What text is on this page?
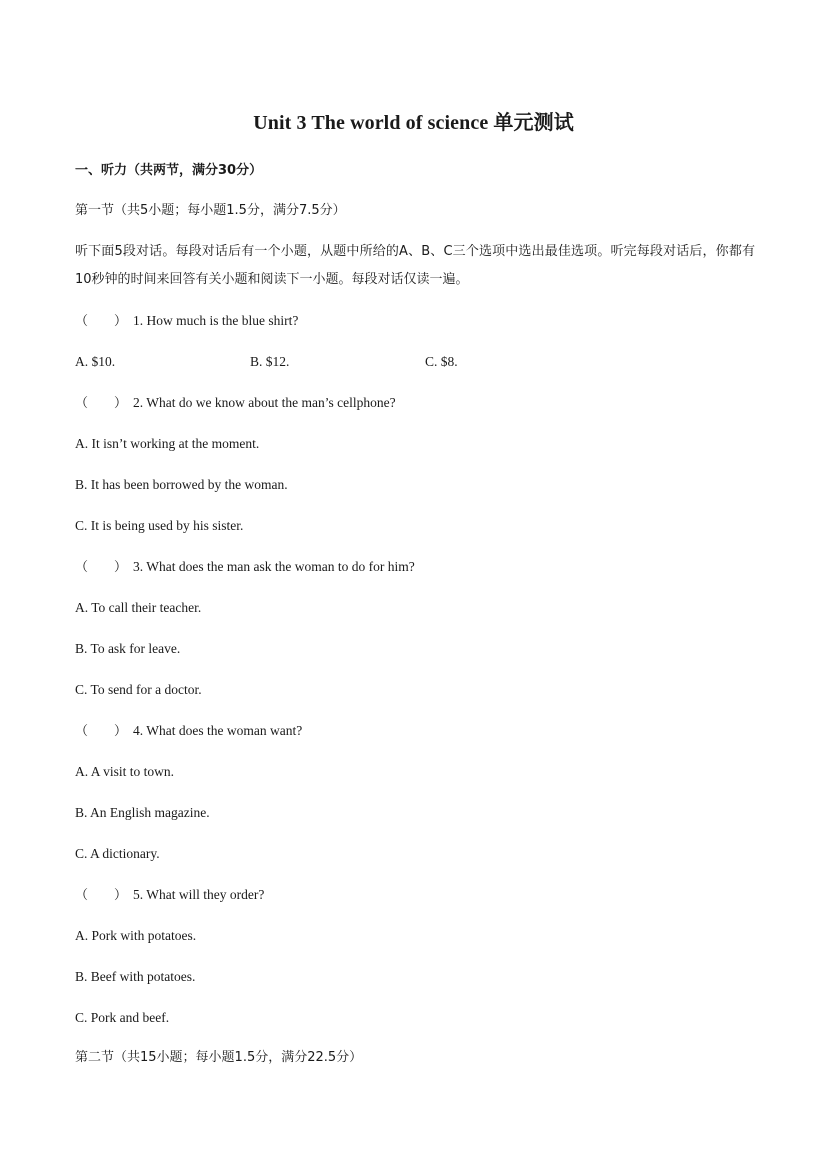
Unit 3 The world of science 单元测试
一、听力（共两节，满分30分）
第一节（共5小题；每小题1.5分，满分7.5分）
听下面5段对话。每段对话后有一个小题，从题中所给的A、B、C三个选项中选出最佳选项。听完每段对话后，你都有10秒钟的时间来回答有关小题和阅读下一小题。每段对话仅读一遍。
（　　） 1. How much is the blue shirt?
A. $10.	B. $12.	C. $8.
（　　） 2. What do we know about the man’s cellphone?
A. It isn’t working at the moment.
B. It has been borrowed by the woman.
C. It is being used by his sister.
（　　） 3. What does the man ask the woman to do for him?
A. To call their teacher.
B. To ask for leave.
C. To send for a doctor.
（　　） 4. What does the woman want?
A. A visit to town.
B. An English magazine.
C. A dictionary.
（　　） 5. What will they order?
A. Pork with potatoes.
B. Beef with potatoes.
C. Pork and beef.
第二节（共15小题；每小题1.5分，满分22.5分）
